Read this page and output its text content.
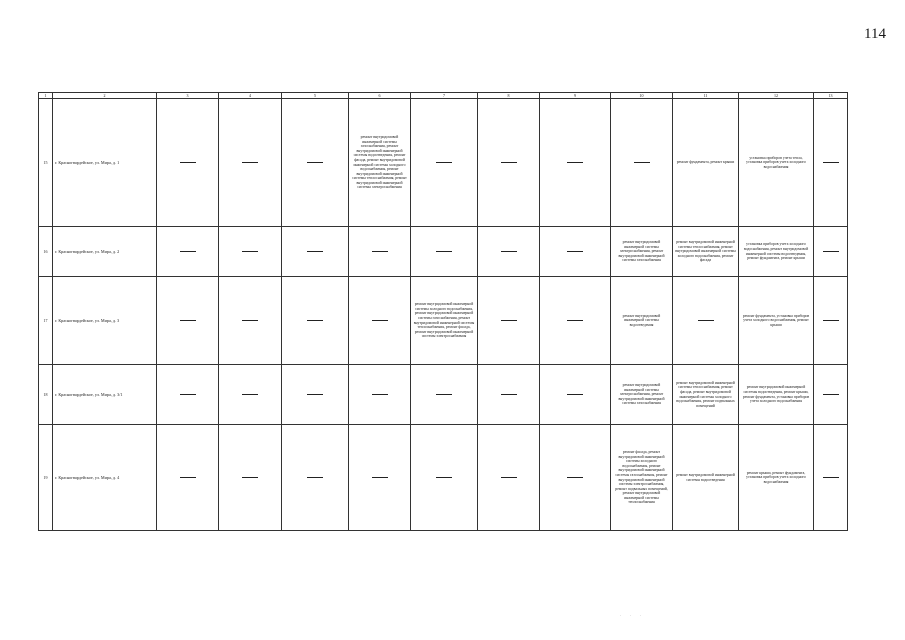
114
1	2	3	4	5	6	7	8	9	10	11	12	13
15	г. Красногвардейское, ул. Мира, д. 1				ремонт внутридомовой инженерной системы газоснабжения, ремонт внутридомовой инженерной системы водоотведения, ремонт фасада, ремонт внутридомовой инженерной системы холодного водоснабжения, ремонт внутридомовой инженерной системы теплоснабжения, ремонт внутридомовой инженерной системы электроснабжения					ремонт фундамента, ремонт крыши	установка приборов учета тепла, установка приборов учета холодного водоснабжения	
16	г. Красногвардейское, ул. Мира, д. 2								ремонт внутридомовой инженерной системы электроснабжения, ремонт внутридомовой инженерной системы газоснабжения	ремонт внутридомовой инженерной системы теплоснабжения, ремонт внутридомовой инженерной системы холодного водоснабжения, ремонт фасада	установка приборов учета холодного водоснабжения, ремонт внутридомовой инженерной системы водоотведения, ремонт фундамента, ремонт крыши	
17	г. Красногвардейское, ул. Мира, д. 3					ремонт внутридомовой инженерной системы холодного водоснабжения, ремонт внутридомовой инженерной системы газоснабжения, ремонт внутридомовой инженерной системы теплоснабжения, ремонт фасада, ремонт внутридомовой инженерной системы электроснабжения			ремонт внутридомовой инженерной системы водоотведения		ремонт фундамента, установка приборов учета холодного водоснабжения, ремонт крыши	
18	г. Красногвардейское, ул. Мира, д. 3/1								ремонт внутридомовой инженерной системы электроснабжения, ремонт внутридомовой инженерной системы газоснабжения	ремонт внутридомовой инженерной системы теплоснабжения, ремонт фасада, ремонт внутридомовой инженерной системы холодного водоснабжения, ремонт подвальных помещений	ремонт внутридомовой инженерной системы водоотведения, ремонт крыши, ремонт фундамента, установка приборов учета холодного водоснабжения	
19	г. Красногвардейское, ул. Мира, д. 4								ремонт фасада, ремонт внутридомовой инженерной системы холодного водоснабжения, ремонт внутридомовой инженерной системы газоснабжения, ремонт внутридомовой инженерной системы электроснабжения, ремонт подвальных помещений, ремонт внутридомовой инженерной системы теплоснабжения	ремонт внутридомовой инженерной системы водоотведения	ремонт крыши, ремонт фундамента, установка приборов учета холодного водоснабжения	
. . .
